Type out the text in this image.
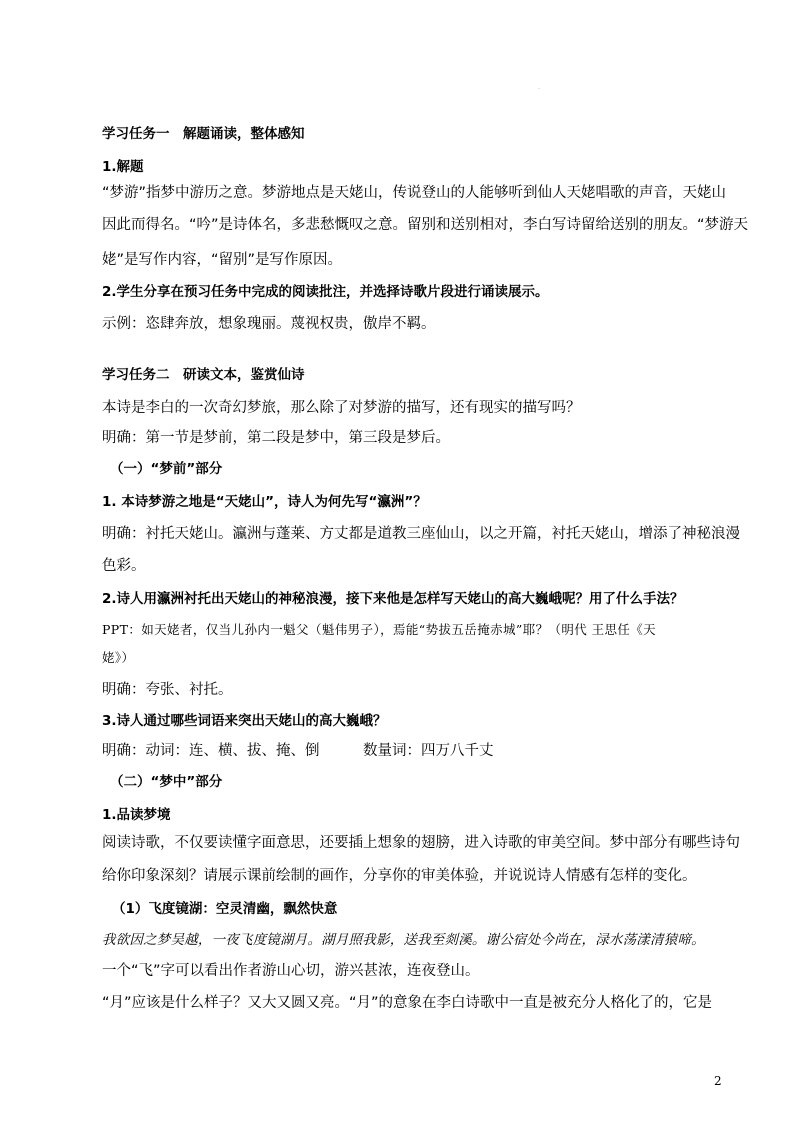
·
学习任务一　解题诵读，整体感知
1.解题
“梦游”指梦中游历之意。梦游地点是天姥山，传说登山的人能够听到仙人天姥唱歌的声音，天姥山
因此而得名。“吟”是诗体名，多悲愁慨叹之意。留别和送别相对，李白写诗留给送别的朋友。“梦游天
姥”是写作内容，“留别”是写作原因。
2.学生分享在预习任务中完成的阅读批注，并选择诗歌片段进行诵读展示。
示例：恣肆奔放，想象瑰丽。蔑视权贵，傲岸不羁。
学习任务二　研读文本，鉴赏仙诗
本诗是李白的一次奇幻梦旅，那么除了对梦游的描写，还有现实的描写吗？
明确：第一节是梦前，第二段是梦中，第三段是梦后。
（一）“梦前”部分
1. 本诗梦游之地是“天姥山”，诗人为何先写“瀛洲”？
明确：衬托天姥山。瀛洲与蓬莱、方丈都是道教三座仙山，以之开篇，衬托天姥山，增添了神秘浪漫
色彩。
2.诗人用瀛洲衬托出天姥山的神秘浪漫，接下来他是怎样写天姥山的高大巍峨呢？用了什么手法？
PPT：如天姥者，仅当儿孙内一魁父（魁伟男子），焉能“势拔五岳掩赤城”耶？（明代 王思任《天
姥》）
明确：夸张、衬托。
3.诗人通过哪些词语来突出天姥山的高大巍峨？
明确：动词：连、横、拔、掩、倒　　　数量词：四万八千丈
（二）“梦中”部分
1.品读梦境
阅读诗歌，不仅要读懂字面意思，还要插上想象的翅膀，进入诗歌的审美空间。梦中部分有哪些诗句
给你印象深刻？请展示课前绘制的画作，分享你的审美体验，并说说诗人情感有怎样的变化。
（1）飞度镜湖：空灵清幽，飘然快意
我欲因之梦吴越，一夜飞度镜湖月。湖月照我影，送我至剡溪。谢公宿处今尚在，渌水荡漾清猿啼。
一个“飞”字可以看出作者游山心切，游兴甚浓，连夜登山。
“月”应该是什么样子？又大又圆又亮。“月”的意象在李白诗歌中一直是被充分人格化了的，它是
2
